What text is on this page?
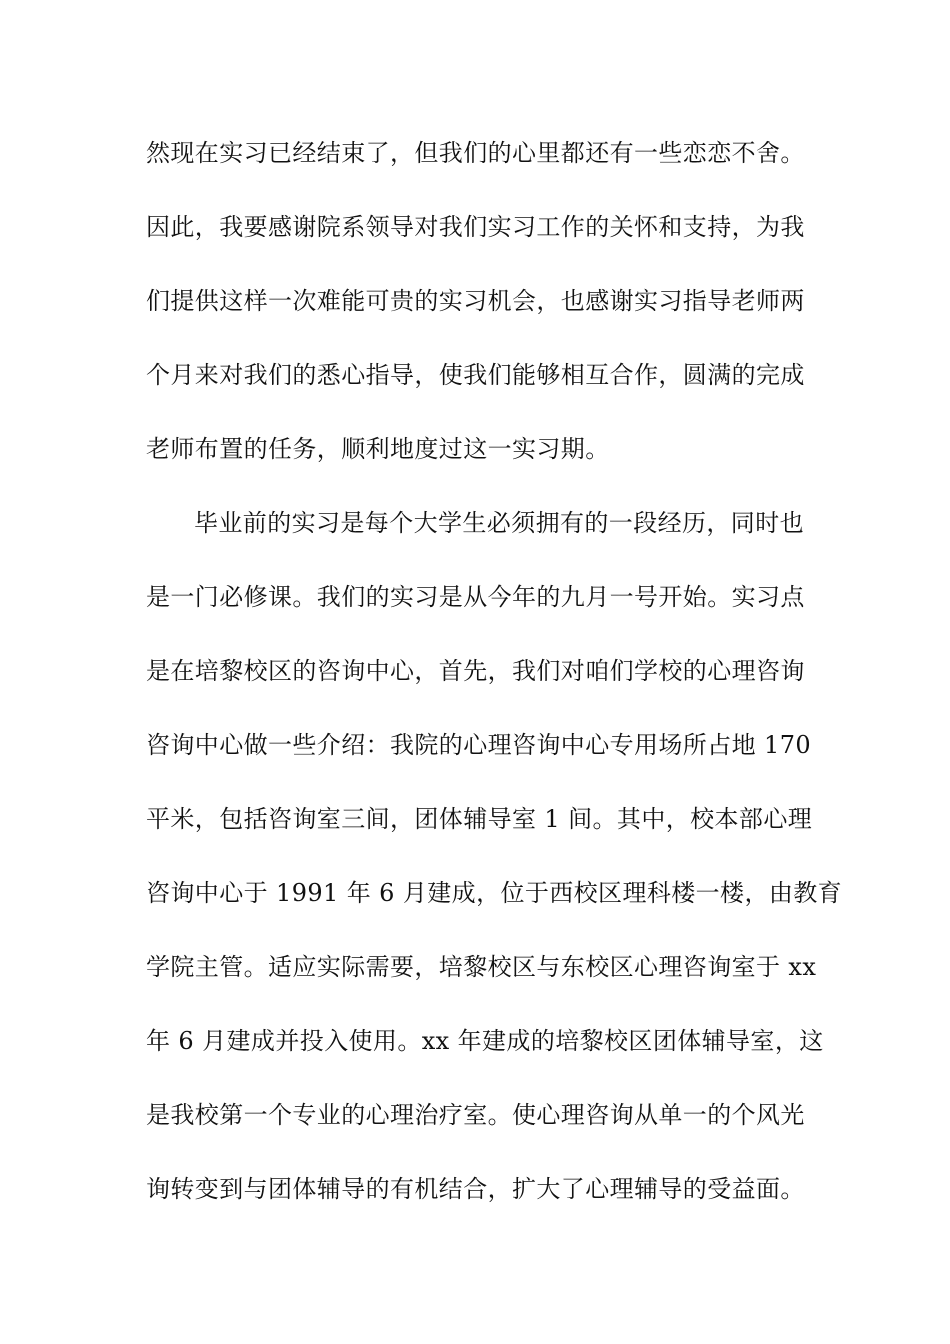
然现在实习已经结束了，但我们的心里都还有一些恋恋不舍。
因此，我要感谢院系领导对我们实习工作的关怀和支持，为我
们提供这样一次难能可贵的实习机会，也感谢实习指导老师两
个月来对我们的悉心指导，使我们能够相互合作，圆满的完成
老师布置的任务，顺利地度过这一实习期。
毕业前的实习是每个大学生必须拥有的一段经历，同时也
是一门必修课。我们的实习是从今年的九月一号开始。实习点
是在培黎校区的咨询中心，首先，我们对咱们学校的心理咨询
咨询中心做一些介绍：我院的心理咨询中心专用场所占地 170
平米，包括咨询室三间，团体辅导室 1 间。其中，校本部心理
咨询中心于 1991 年 6 月建成，位于西校区理科楼一楼，由教育
学院主管。适应实际需要，培黎校区与东校区心理咨询室于 xx
年 6 月建成并投入使用。xx 年建成的培黎校区团体辅导室，这
是我校第一个专业的心理治疗室。使心理咨询从单一的个风光
询转变到与团体辅导的有机结合，扩大了心理辅导的受益面。
